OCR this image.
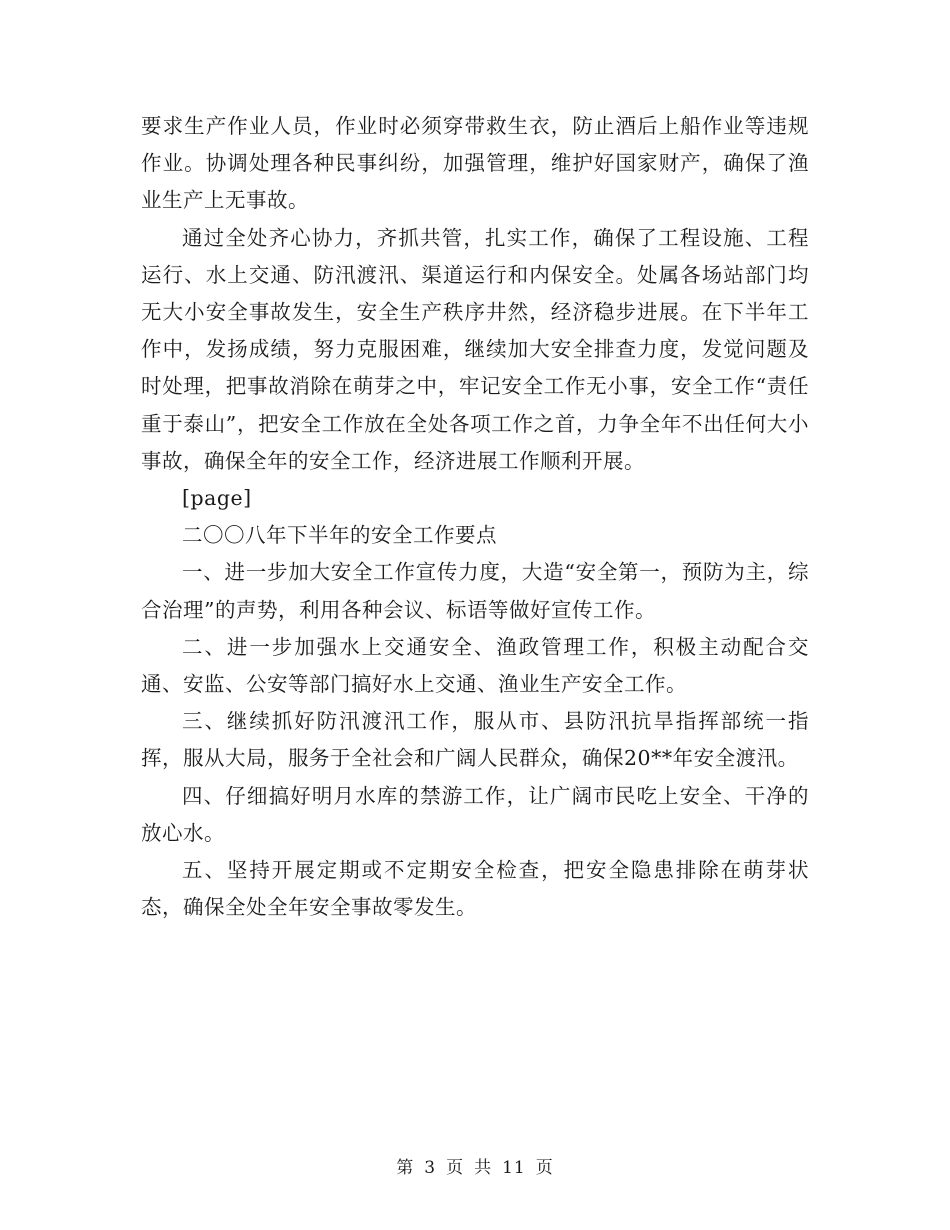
要求生产作业人员，作业时必须穿带救生衣，防止酒后上船作业等违规作业。协调处理各种民事纠纷，加强管理，维护好国家财产，确保了渔业生产上无事故。

通过全处齐心协力，齐抓共管，扎实工作，确保了工程设施、工程运行、水上交通、防汛渡汛、渠道运行和内保安全。处属各场站部门均无大小安全事故发生，安全生产秩序井然，经济稳步进展。在下半年工作中，发扬成绩，努力克服困难，继续加大安全排查力度，发觉问题及时处理，把事故消除在萌芽之中，牢记安全工作无小事，安全工作“责任重于泰山”，把安全工作放在全处各项工作之首，力争全年不出任何大小事故，确保全年的安全工作，经济进展工作顺利开展。

[page]

二〇〇八年下半年的安全工作要点

一、进一步加大安全工作宣传力度，大造“安全第一，预防为主，综合治理”的声势，利用各种会议、标语等做好宣传工作。

二、进一步加强水上交通安全、渔政管理工作，积极主动配合交通、安监、公安等部门搞好水上交通、渔业生产安全工作。

三、继续抓好防汛渡汛工作，服从市、县防汛抗旱指挥部统一指挥，服从大局，服务于全社会和广阔人民群众，确保20**年安全渡汛。

四、仔细搞好明月水库的禁游工作，让广阔市民吃上安全、干净的放心水。

五、坚持开展定期或不定期安全检查，把安全隐患排除在萌芽状态，确保全处全年安全事故零发生。

第 3 页 共 11 页
